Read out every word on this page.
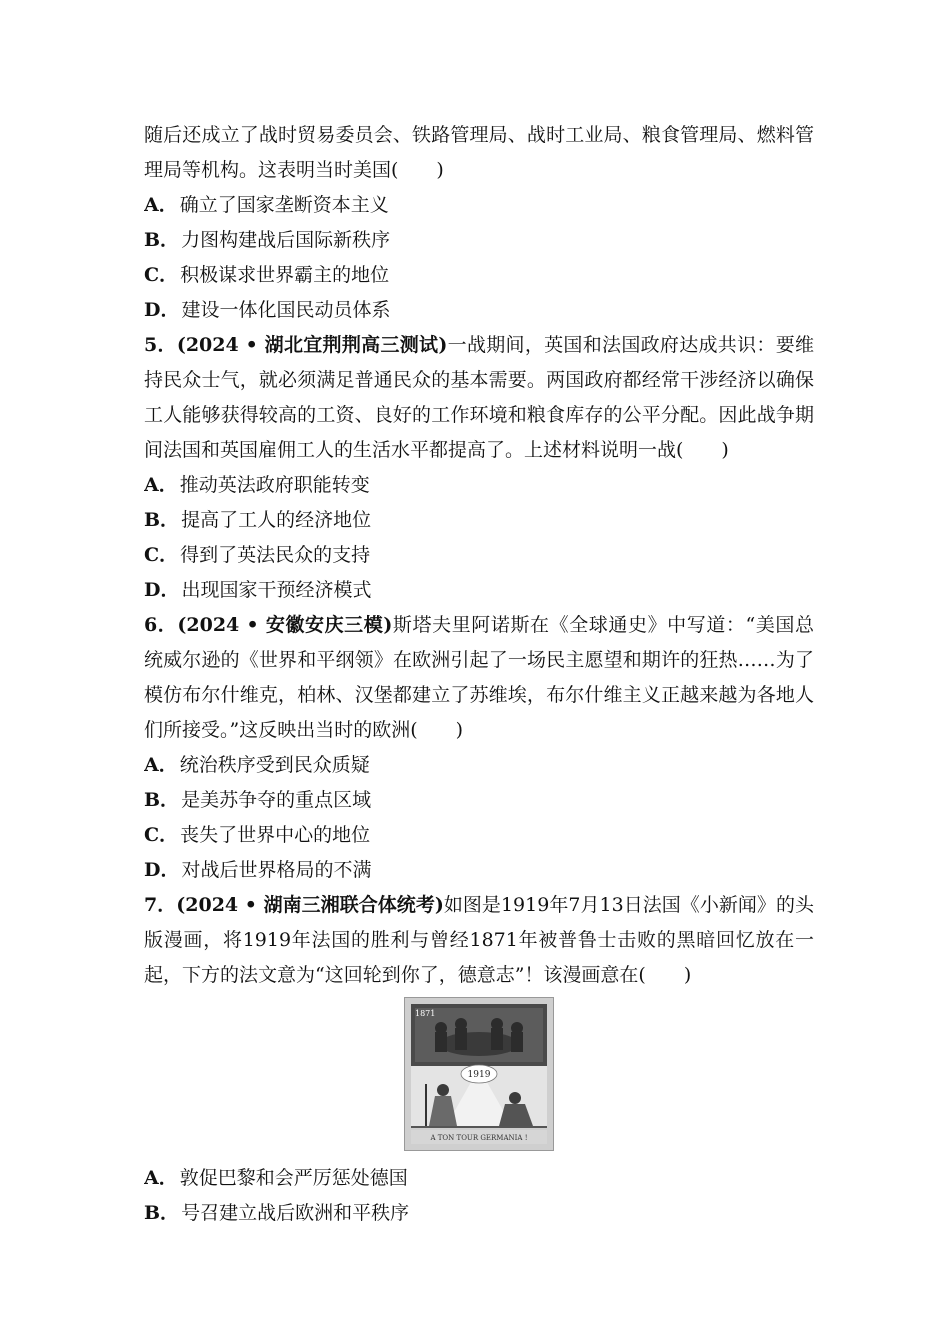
随后还成立了战时贸易委员会、铁路管理局、战时工业局、粮食管理局、燃料管理局等机构。这表明当时美国(　　)
A． 确立了国家垄断资本主义
B． 力图构建战后国际新秩序
C． 积极谋求世界霸主的地位
D． 建设一体化国民动员体系
5．(2024 • 湖北宜荆荆高三测试)一战期间，英国和法国政府达成共识：要维持民众士气，就必须满足普通民众的基本需要。两国政府都经常干涉经济以确保工人能够获得较高的工资、良好的工作环境和粮食库存的公平分配。因此战争期间法国和英国雇佣工人的生活水平都提高了。上述材料说明一战(　　)
A． 推动英法政府职能转变
B． 提高了工人的经济地位
C． 得到了英法民众的支持
D． 出现国家干预经济模式
6．(2024 • 安徽安庆三模)斯塔夫里阿诺斯在《全球通史》中写道：“美国总统威尔逊的《世界和平纲领》在欧洲引起了一场民主愿望和期许的狂热……为了模仿布尔什维克，柏林、汉堡都建立了苏维埃，布尔什维主义正越来越为各地人们所接受。”这反映出当时的欧洲(　　)
A． 统治秩序受到民众质疑
B． 是美苏争夺的重点区域
C． 丧失了世界中心的地位
D． 对战后世界格局的不满
7．(2024 • 湖南三湘联合体统考)如图是1919年7月13日法国《小新闻》的头版漫画，将1919年法国的胜利与曾经1871年被普鲁士击败的黑暗回忆放在一起，下方的法文意为“这回轮到你了，德意志”！该漫画意在(　　)
1871
1919
A TON TOUR GERMANIA !
A． 敦促巴黎和会严厉惩处德国
B． 号召建立战后欧洲和平秩序
